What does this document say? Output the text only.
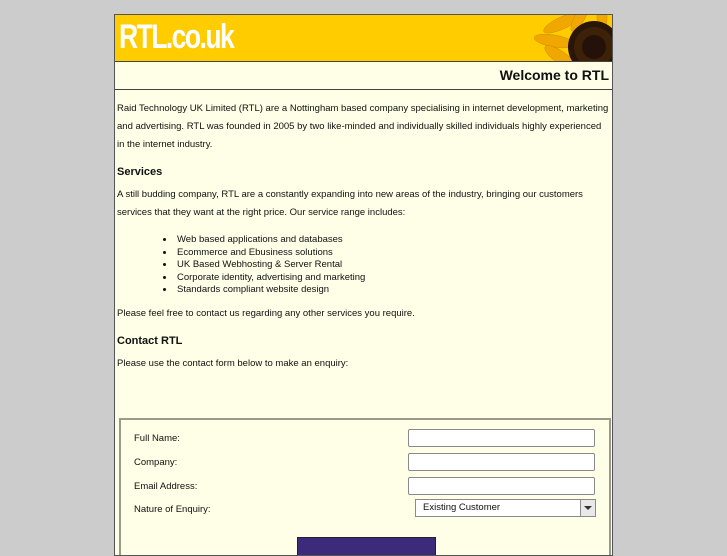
RTL.co.uk
Welcome to RTL

Raid Technology UK Limited (RTL) are a Nottingham based company specialising in internet development, marketing and advertising. RTL was founded in 2005 by two like-minded and individually skilled individuals highly experienced in the internet industry.

Services

A still budding company, RTL are a constantly expanding into new areas of the industry, bringing our customers services that they want at the right price. Our service range includes:

• Web based applications and databases
• Ecommerce and Ebusiness solutions
• UK Based Webhosting & Server Rental
• Corporate identity, advertising and marketing
• Standards compliant website design

Please feel free to contact us regarding any other services you require.

Contact RTL

Please use the contact form below to make an enquiry:

Full Name:
Company:
Email Address:
Nature of Enquiry:	Existing Customer
